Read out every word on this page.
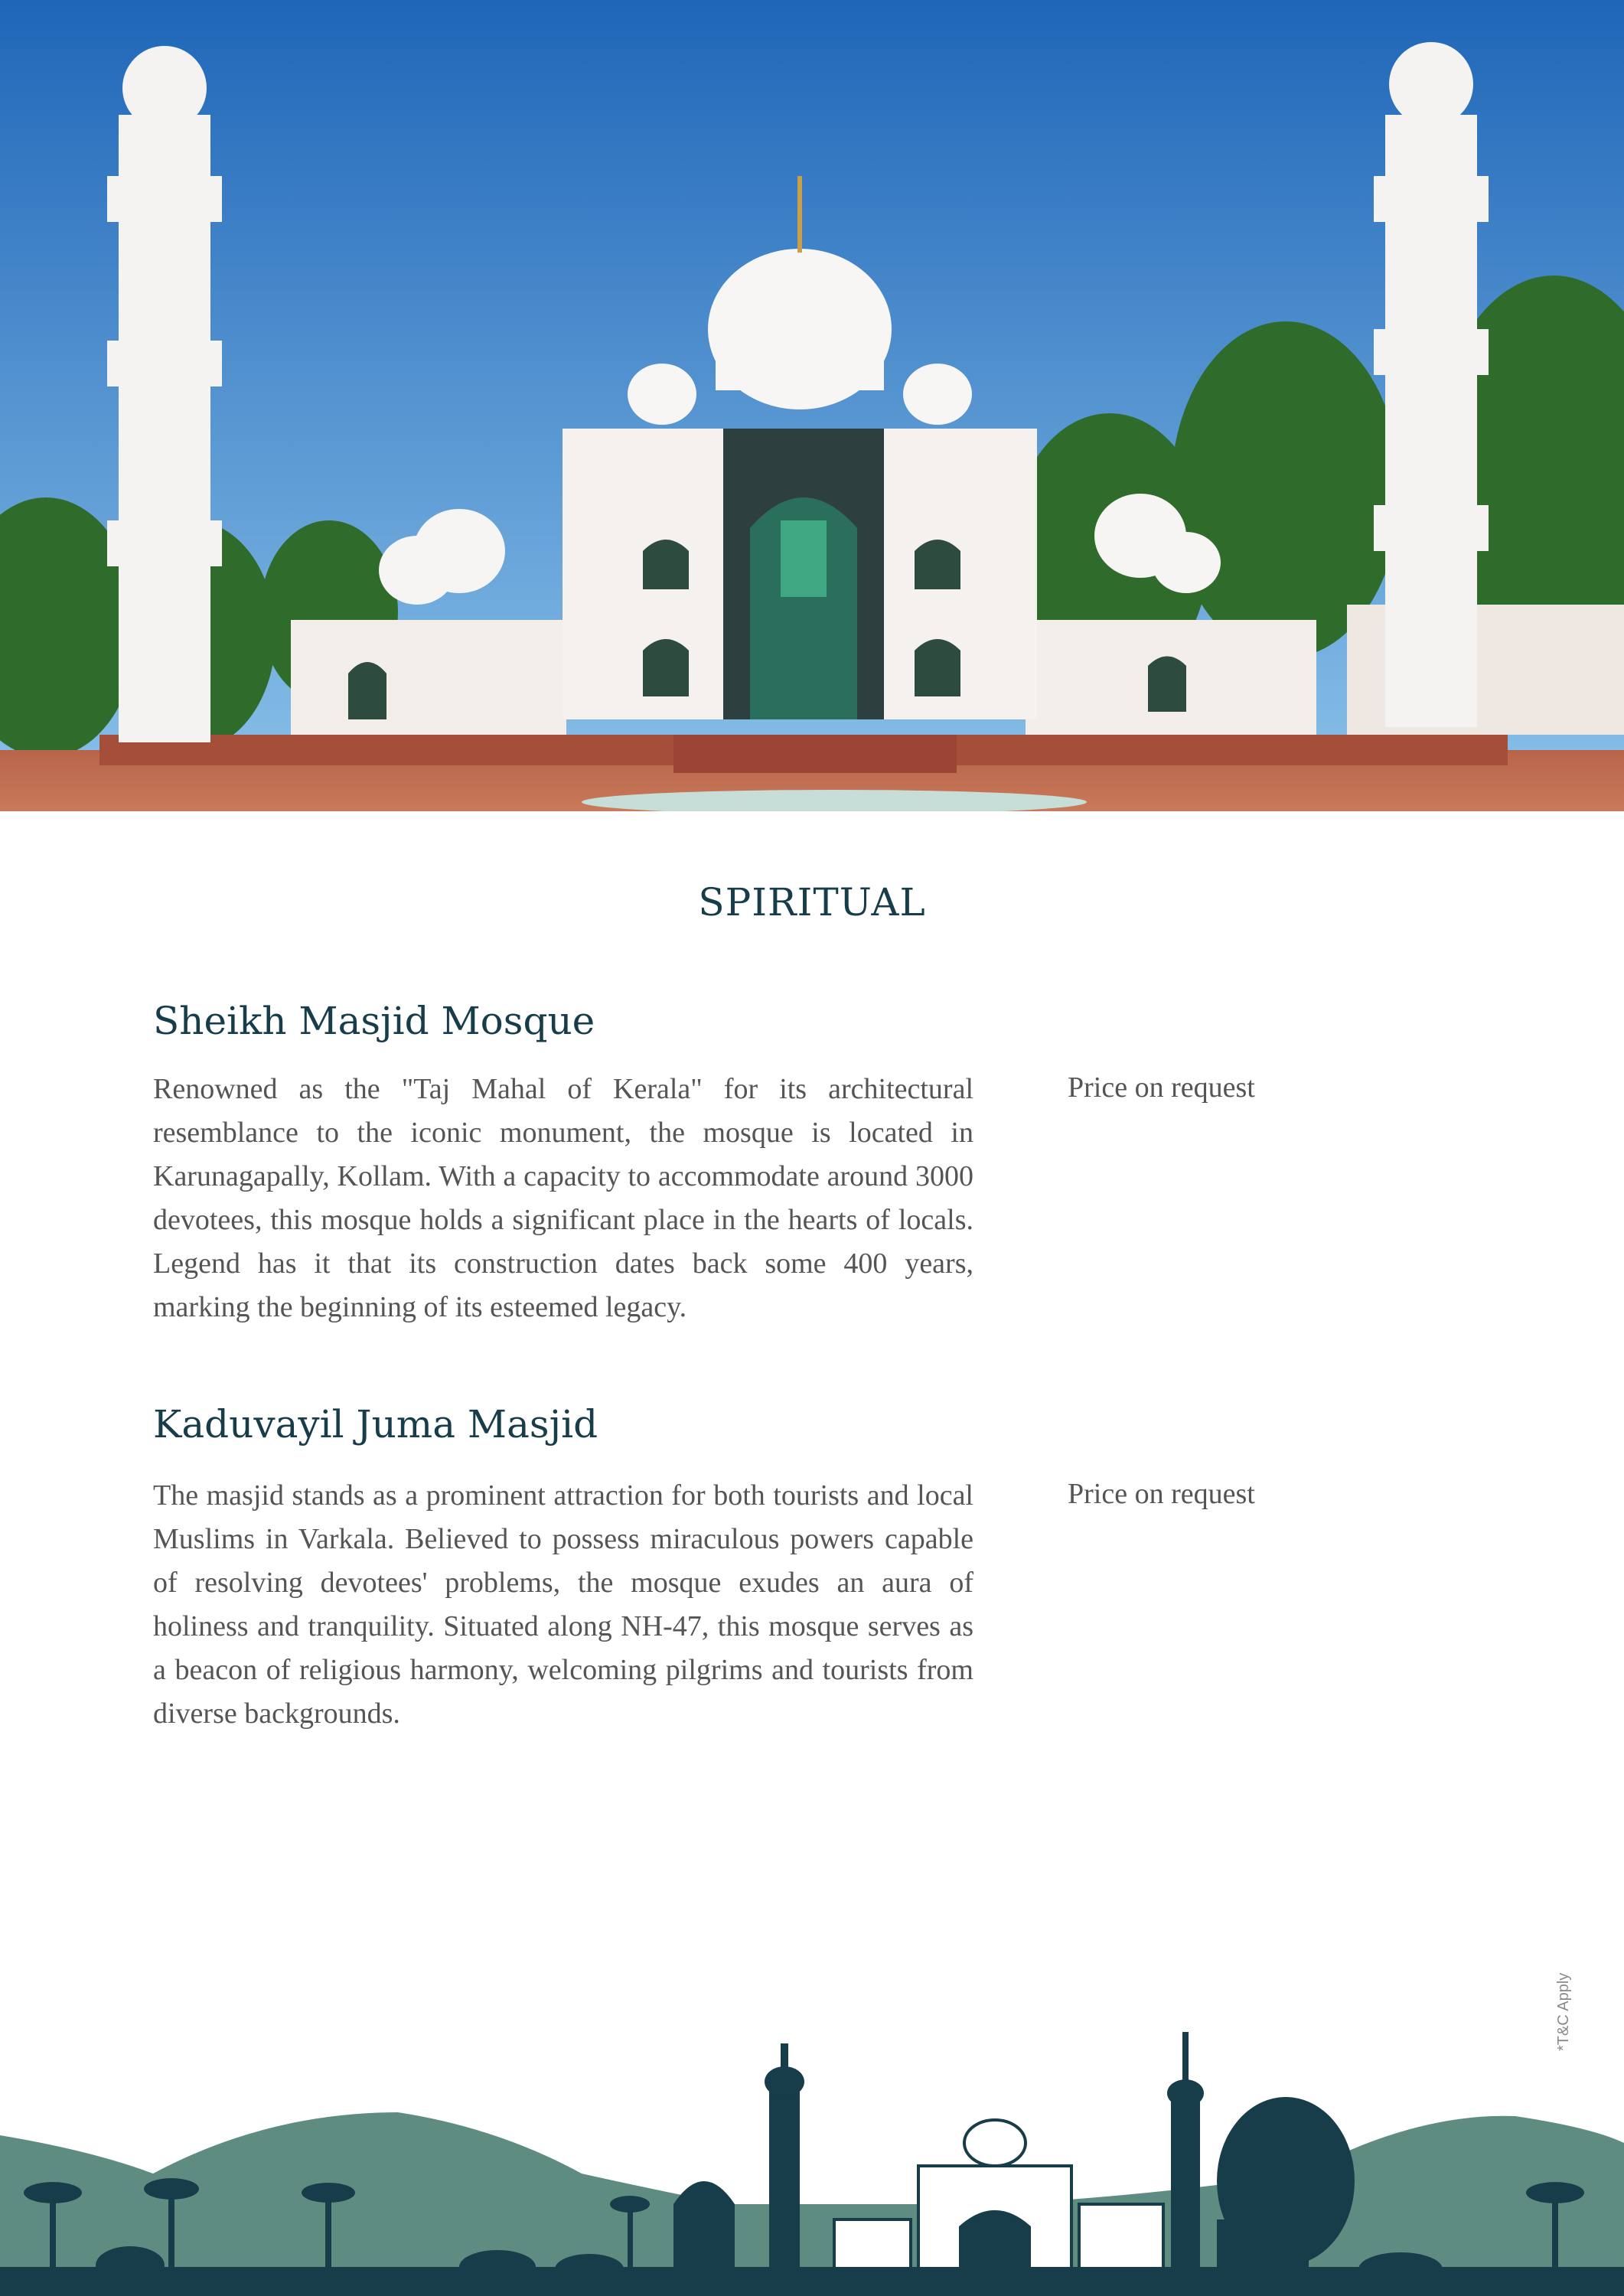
SPIRITUAL
Sheikh Masjid Mosque
Renowned as the "Taj Mahal of Kerala" for its architectural resemblance to the iconic monument, the mosque is located in Karunagapally, Kollam. With a capacity to accommodate around 3000 devotees, this mosque holds a significant place in the hearts of locals. Legend has it that its construction dates back some 400 years, marking the beginning of its esteemed legacy.
Price on request
Kaduvayil Juma Masjid
The masjid stands as a prominent attraction for both tourists and local Muslims in Varkala. Believed to possess miraculous powers capable of resolving devotees' problems, the mosque exudes an aura of holiness and tranquility. Situated along NH-47, this mosque serves as a beacon of religious harmony, welcoming pilgrims and tourists from diverse backgrounds.
Price on request
*T&C Apply
